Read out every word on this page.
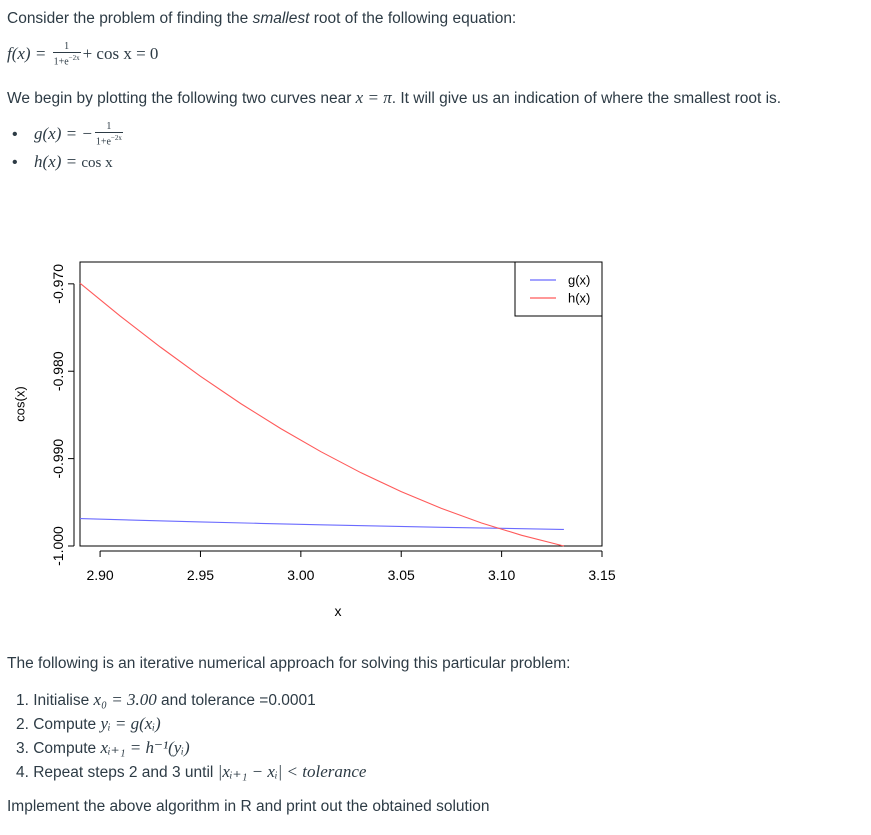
Consider the problem of finding the smallest root of the following equation:
$f(x) = \frac{1}{1+e^{-2x}} + \cos x = 0$
We begin by plotting the following two curves near x = π. It will give us an indication of where the smallest root is.
• g(x) = − $\frac{1}{1+e^{-2x}}$
• h(x) = cos x
2.90	2.95	3.00	3.05	3.10	3.15
x
-1.000
-0.990
-0.980
-0.970
cos(x)
g(x)
h(x)
The following is an iterative numerical approach for solving this particular problem:
1. Initialise x₀ = 3.00 and tolerance =0.0001
2. Compute yᵢ = g(xᵢ)
3. Compute xᵢ₊₁ = h⁻¹(yᵢ)
4. Repeat steps 2 and 3 until |xᵢ₊₁ − xᵢ| < tolerance
Implement the above algorithm in R and print out the obtained solution
